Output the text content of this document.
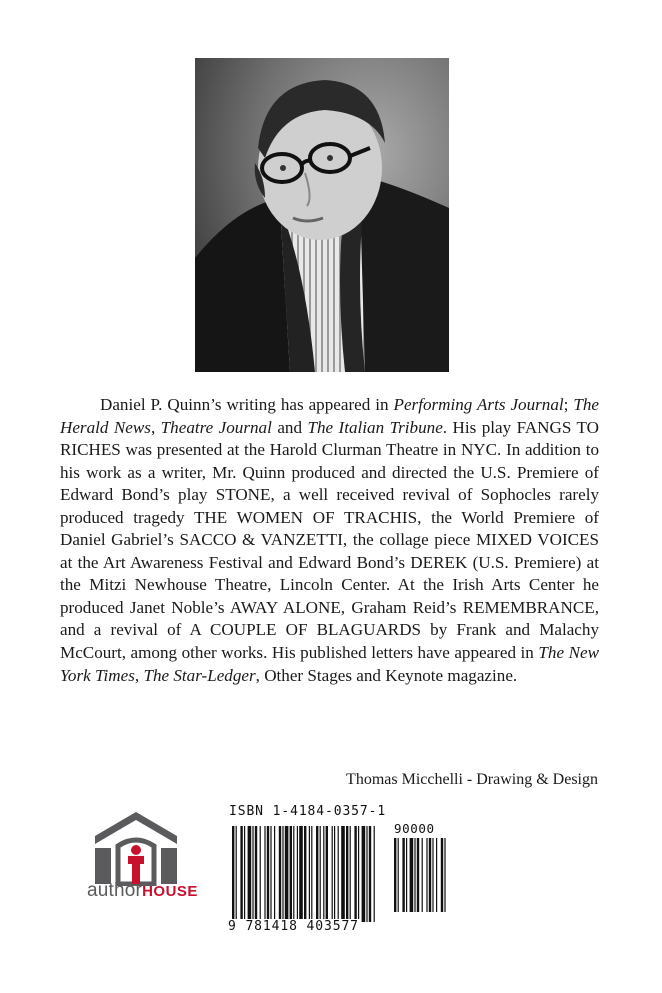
Daniel P. Quinn’s writing has appeared in Performing Arts Journal; The Herald News, Theatre Journal and The Italian Tribune. His play FANGS TO RICHES was presented at the Harold Clurman Theatre in NYC. In addition to his work as a writer, Mr. Quinn produced and directed the U.S. Premiere of Edward Bond’s play STONE, a well received revival of Sophocles rarely produced tragedy THE WOMEN OF TRACHIS, the World Premiere of Daniel Gabriel’s SACCO & VANZETTI, the collage piece MIXED VOICES at the Art Awareness Festival and Edward Bond’s DEREK (U.S. Premiere) at the Mitzi Newhouse Theatre, Lincoln Center. At the Irish Arts Center he produced Janet Noble’s AWAY ALONE, Graham Reid’s REMEMBRANCE, and a revival of A COUPLE OF BLAGUARDS by Frank and Malachy McCourt, among other works. His published letters have appeared in The New York Times, The Star-Ledger, Other Stages and Keynote magazine.

Thomas Micchelli - Drawing & Design
authorHOUSE
ISBN 1-4184-0357-1
90000
9 781418 403577
